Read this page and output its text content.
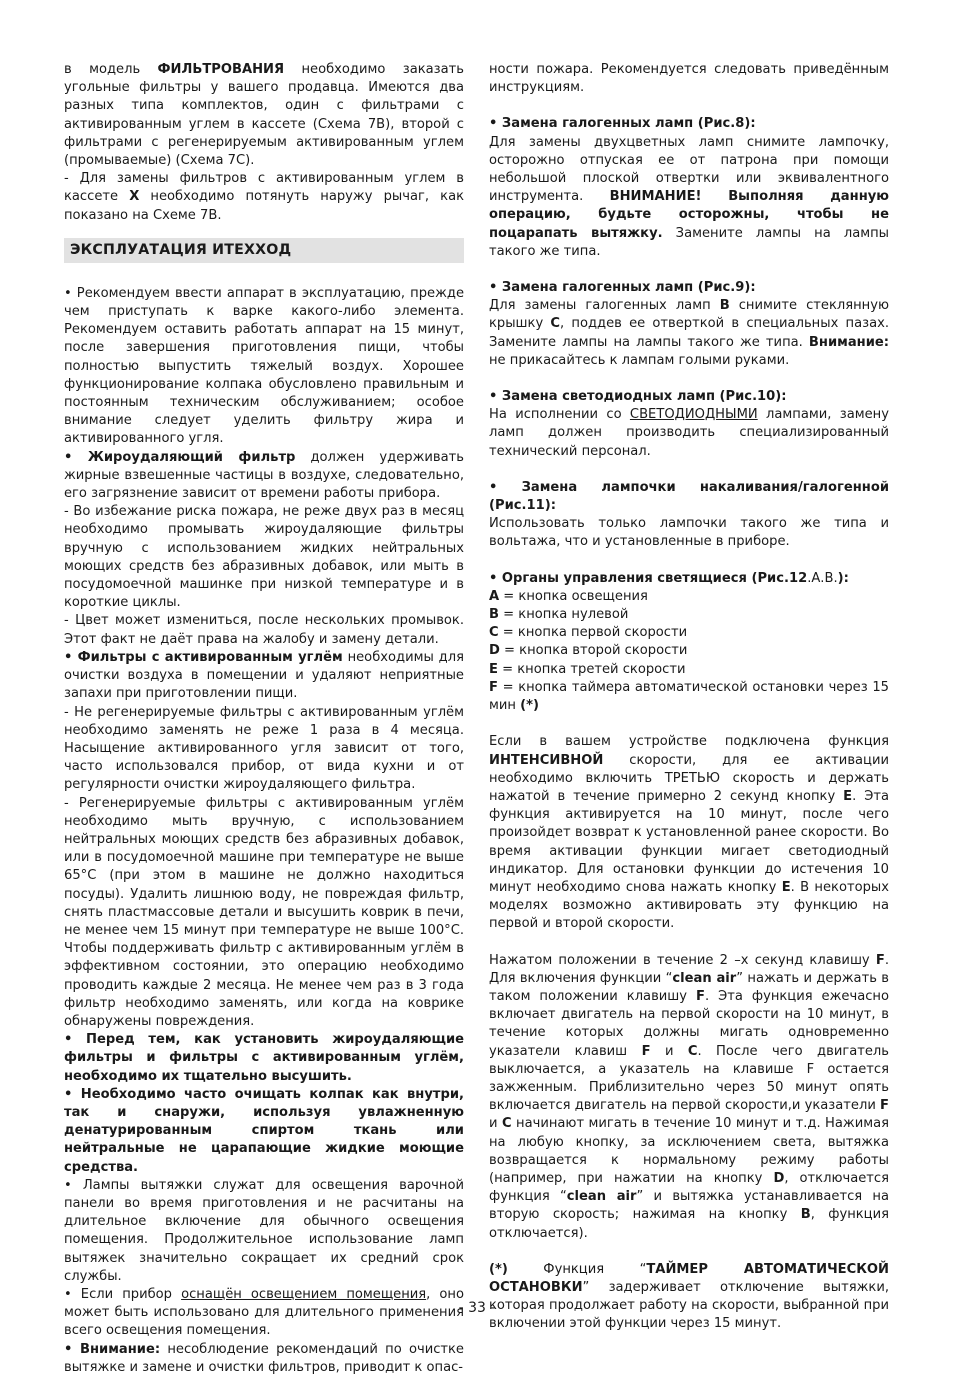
в модель ФИЛЬТРОВАНИЯ необходимо заказать угольные фильтры у вашего продавца. Имеются два разных типа комплектов, один с фильтрами с активированным углем в кассете (Схема 7В), второй с фильтрами с регенерируемым активированным углем (промываемые) (Схема 7С).

- Для замены фильтров с активированным углем в кассете X необходимо потянуть наружу рычаг, как показано на Схеме 7В.

ЭКСПЛУАТАЦИЯ ИТЕХХОД

• Рекомендуем ввести аппарат в эксплуатацию, прежде чем приступать к варке какого-либо элемента. Рекомендуем оставить работать аппарат на 15 минут, после завершения приготовления пищи, чтобы полностью выпустить тяжелый воздух. Хорошее функционирование колпака обусловлено правильным и постоянным техническим обслуживанием; особое внимание следует уделить фильтру жира и активированного угля.

• Жироудаляющий фильтр должен удерживать жирные взвешенные частицы в воздухе, следовательно, его загрязнение зависит от времени работы прибора.

- Во избежание риска пожара, не реже двух раз в месяц необходимо промывать жироудаляющие фильтры вручную с использованием жидких нейтральных моющих средств без абразивных добавок, или мыть в посудомоечной машинке при низкой температуре и в короткие циклы.

- Цвет может измениться, после нескольких промывок. Этот факт не даёт права на жалобу и замену детали.

• Фильтры с активированным углём необходимы для очистки воздуха в помещении и удаляют неприятные запахи при приготовлении пищи.

- Не регенерируемые фильтры с активированным углём необходимо заменять не реже 1 раза в 4 месяца. Насыщение активированного угля зависит от того, часто использовался прибор, от вида кухни и от регулярности очистки жироудаляющего фильтра.

- Регенерируемые фильтры с активированным углём необходимо мыть вручную, с использованием нейтральных моющих средств без абразивных добавок, или в посудомоечной машине при температуре не выше 65°С (при этом в машине не должно находиться посуды). Удалить лишнюю воду, не повреждая фильтр, снять пластмассовые детали и высушить коврик в печи, не менее чем 15 минут при температуре не выше 100°С. Чтобы поддерживать фильтр с активированным углём в эффективном состоянии, это операцию необходимо проводить каждые 2 месяца. Не менее чем раз в 3 года фильтр необходимо заменять, или когда на коврике обнаружены повреждения.

• Перед тем, как установить жироудаляющие фильтры и фильтры с активированным углём, необходимо их тщательно высушить.

• Необходимо часто очищать колпак как внутри, так и снаружи, используя увлажненную денатурированным спиртом ткань или нейтральные не царапающие жидкие моющие средства.

• Лампы вытяжки служат для освещения варочной панели во время приготовления и не расчитаны на длительное включение для обычного освещения помещения. Продолжительное использование ламп вытяжек значительно сокращает их средний срок службы.

• Если прибор оснащён освещением помещения, оно может быть использовано для длительного применения всего освещения помещения.

• Внимание: несоблюдение рекомендаций по очистке вытяжке и замене и очистки фильтров, приводит к опас-

ности пожара. Рекомендуется следовать приведённым инструкциям.

• Замена галогенных ламп (Рис.8):

Для замены двухцветных ламп снимите лампочку, осторожно отпуская ее от патрона при помощи небольшой плоской отвертки или эквивалентного инструмента. ВНИМАНИЕ! Выполняя данную операцию, будьте осторожны, чтобы не поцарапать вытяжку. Замените лампы на лампы такого же типа.

• Замена галогенных ламп (Рис.9):

Для замены галогенных ламп B снимите стеклянную крышку C, поддев ее отверткой в специальных пазах. Замените лампы на лампы такого же типа. Внимание: не прикасайтесь к лампам голыми руками.

• Замена светодиодных ламп (Рис.10):

На исполнении со СВЕТОДИОДНЫМИ лампами, замену ламп должен производить специализированный технический персонал.

• Замена лампочки накаливания/галогенной (Рис.11):

Использовать только лампочки такого же типа и вольтажа, что и установленные в приборе.

• Органы управления светящиеся (Рис.12.А.В.):

A = кнопка освещения

B = кнопка нулевой

C = кнопка первой скорости

D = кнопка второй скорости

E = кнопка третей скорости

F = кнопка таймера автоматической остановки через 15 мин (*)

Если в вашем устройстве подключена функция ИНТЕНСИВНОЙ скорости, для ее активации необходимо включить ТРЕТЬЮ скорость и держать нажатой в течение примерно 2 секунд кнопку E. Эта функция активируется на 10 минут, после чего произойдет возврат к установленной ранее скорости. Во время активации функции мигает светодиодный индикатор. Для остановки функции до истечения 10 минут необходимо снова нажать кнопку E. В некоторых моделях возможно активировать эту функцию на первой и второй скорости.

Нажатом положении в течение 2 –х секунд клавишу F. Для включения функции “clean air” нажать и держать в таком положении клавишу F. Эта функция ежечасно включает двигатель на первой скорости на 10 минут, в течение которых должны мигать одновременно указатели клавиш F и C. После чего двигатель выключается, а указатель на клавише F остается зажженным. Приблизительно через 50 минут опять включается двигатель на первой скорости,и указатели F и C начинают мигать в течение 10 минут и т.д. Нажимая на любую кнопку, за исключением света, вытяжка возвращается к нормальному режиму работы (например, при нажатии на кнопку D, отключается функция “clean air” и вытяжка устанавливается на вторую скорость; нажимая на кнопку B, функция отключается).

(*) Функция “ТАЙМЕР АВТОМАТИЧЕСКОЙ ОСТАНОВКИ” задерживает отключение вытяжки, которая продолжает работу на скорости, выбранной при включении этой функции через 15 минут.

- 33 -
